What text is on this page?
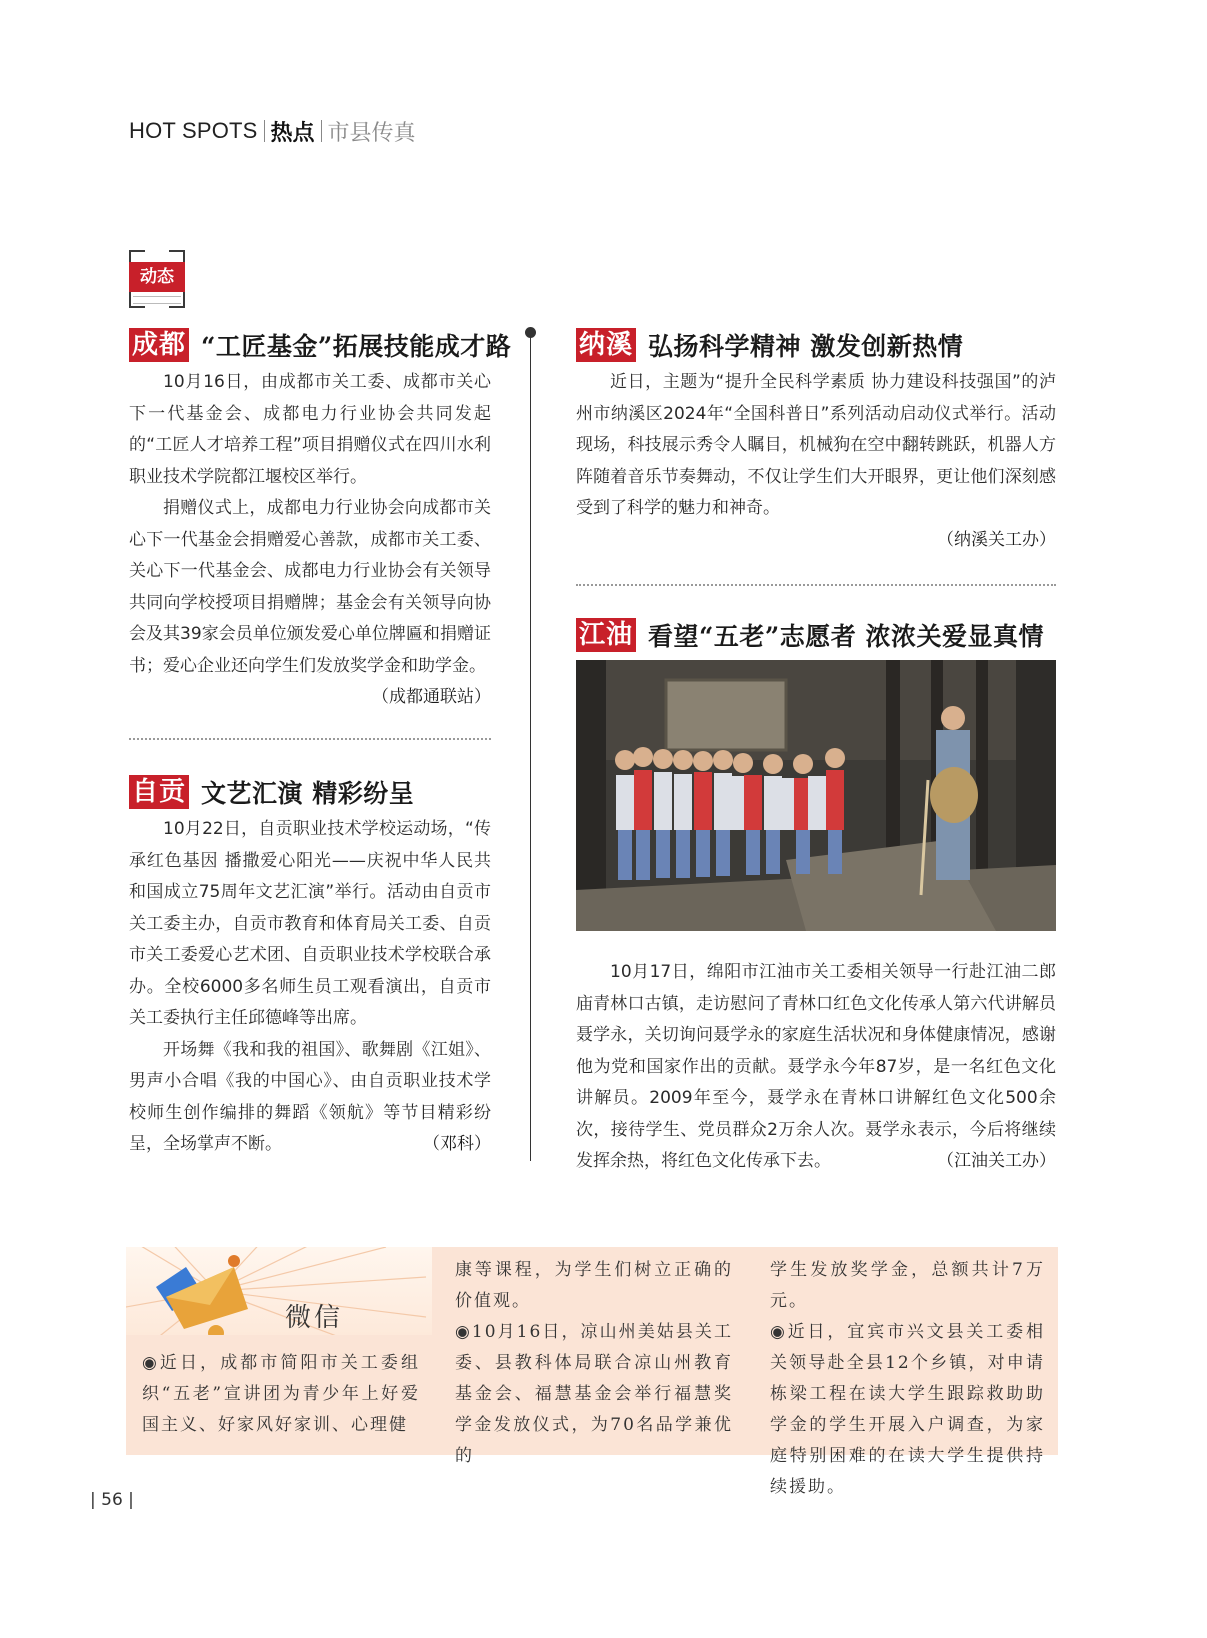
HOT SPOTS 热点 市县传真
动态
成都 “工匠基金”拓展技能成才路

10月16日，由成都市关工委、成都市关心下一代基金会、成都电力行业协会共同发起的“工匠人才培养工程”项目捐赠仪式在四川水利职业技术学院都江堰校区举行。

捐赠仪式上，成都电力行业协会向成都市关心下一代基金会捐赠爱心善款，成都市关工委、关心下一代基金会、成都电力行业协会有关领导共同向学校授项目捐赠牌；基金会有关领导向协会及其39家会员单位颁发爱心单位牌匾和捐赠证书；爱心企业还向学生们发放奖学金和助学金。
（成都通联站）

自贡 文艺汇演 精彩纷呈

10月22日，自贡职业技术学校运动场，“传承红色基因 播撒爱心阳光——庆祝中华人民共和国成立75周年文艺汇演”举行。活动由自贡市关工委主办，自贡市教育和体育局关工委、自贡市关工委爱心艺术团、自贡职业技术学校联合承办。全校6000多名师生员工观看演出，自贡市关工委执行主任邱德峰等出席。

开场舞《我和我的祖国》、歌舞剧《江姐》、男声小合唱《我的中国心》、由自贡职业技术学校师生创作编排的舞蹈《领航》等节目精彩纷呈，全场掌声不断。	（邓科）

纳溪 弘扬科学精神 激发创新热情

近日，主题为“提升全民科学素质 协力建设科技强国”的泸州市纳溪区2024年“全国科普日”系列活动启动仪式举行。活动现场，科技展示秀令人瞩目，机械狗在空中翻转跳跃，机器人方阵随着音乐节奏舞动，不仅让学生们大开眼界，更让他们深刻感受到了科学的魅力和神奇。

（纳溪关工办）
江油 看望“五老”志愿者 浓浓关爱显真情

10月17日，绵阳市江油市关工委相关领导一行赴江油二郎庙青林口古镇，走访慰问了青林口红色文化传承人第六代讲解员聂学永，关切询问聂学永的家庭生活状况和身体健康情况，感谢他为党和国家作出的贡献。聂学永今年87岁，是一名红色文化讲解员。2009年至今，聂学永在青林口讲解红色文化500余次，接待学生、党员群众2万余人次。聂学永表示，今后将继续发挥余热，将红色文化传承下去。	（江油关工办）

微信

◉近日，成都市简阳市关工委组织“五老”宣讲团为青少年上好爱国主义、好家风好家训、心理健

康等课程，为学生们树立正确的价值观。

◉10月16日，凉山州美姑县关工委、县教科体局联合凉山州教育基金会、福慧基金会举行福慧奖学金发放仪式，为70名品学兼优的

学生发放奖学金，总额共计7万元。

◉近日，宜宾市兴文县关工委相关领导赴全县12个乡镇，对申请栋梁工程在读大学生跟踪救助助学金的学生开展入户调查，为家庭特别困难的在读大学生提供持续援助。

| 56 |
